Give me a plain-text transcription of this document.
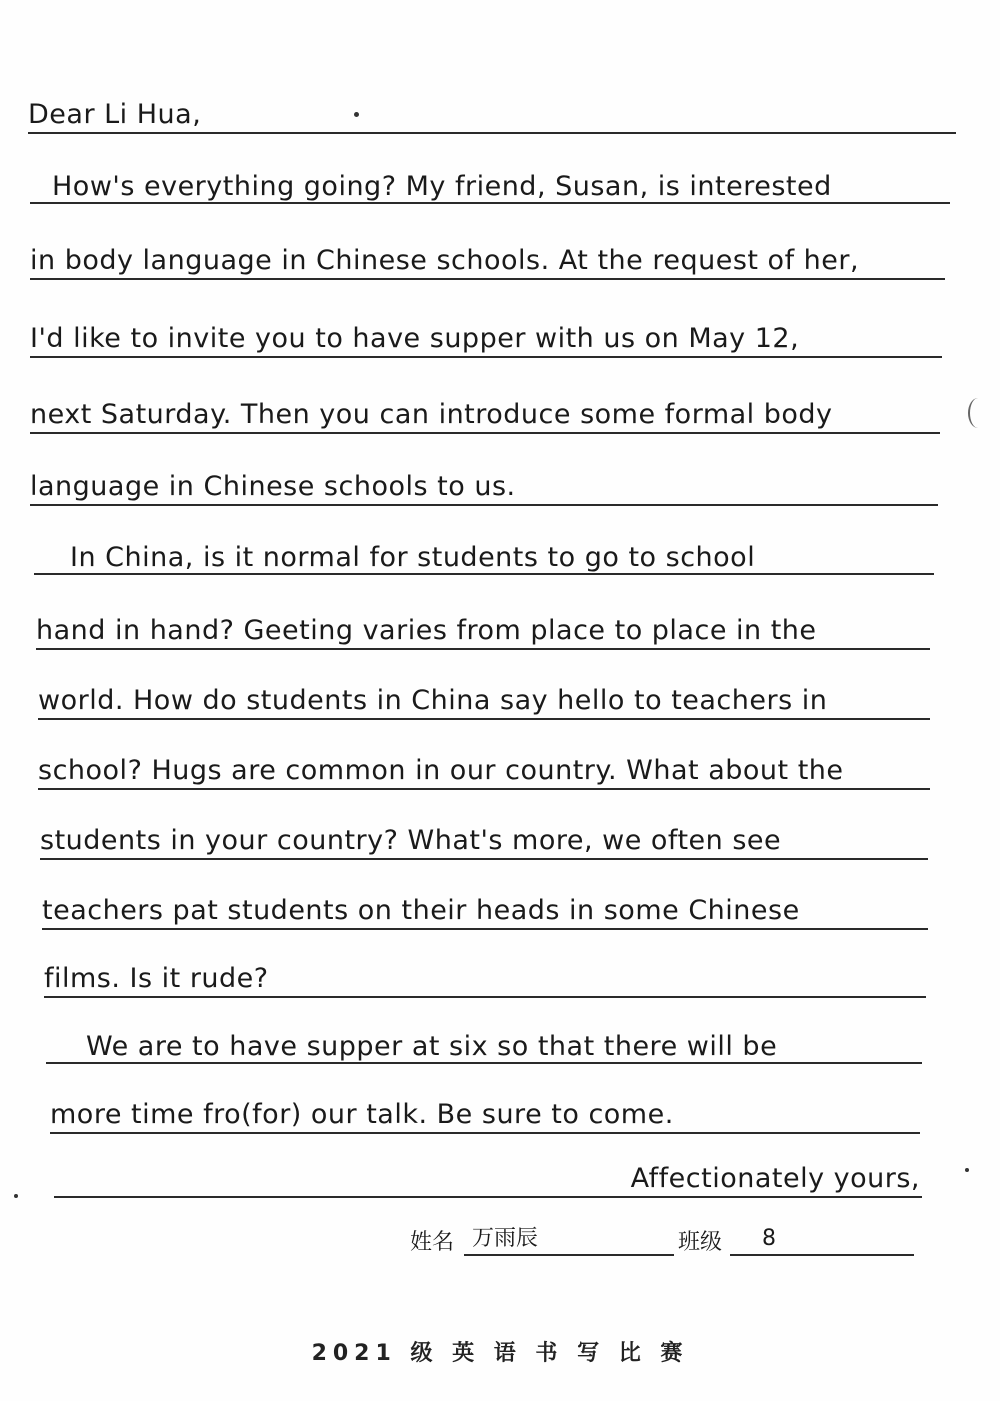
Dear Li Hua,
How's everything going? My friend, Susan, is interested
in body language in Chinese schools. At the request of her,
I'd like to invite you to have supper with us on May 12,
next Saturday. Then you can introduce some formal body
language in Chinese schools to us.
In China, is it normal for students to go to school
hand in hand? Geeting varies from place to place in the
world. How do students in China say hello to teachers in
school? Hugs are common in our country. What about the
students in your country? What's more, we often see
teachers pat students on their heads in some Chinese
films. Is it rude?
We are to have supper at six so that there will be
more time fro(for) our talk. Be sure to come.
Affectionately yours,
姓名 万雨辰	班级	8
2021 级 英 语 书 写 比 赛
